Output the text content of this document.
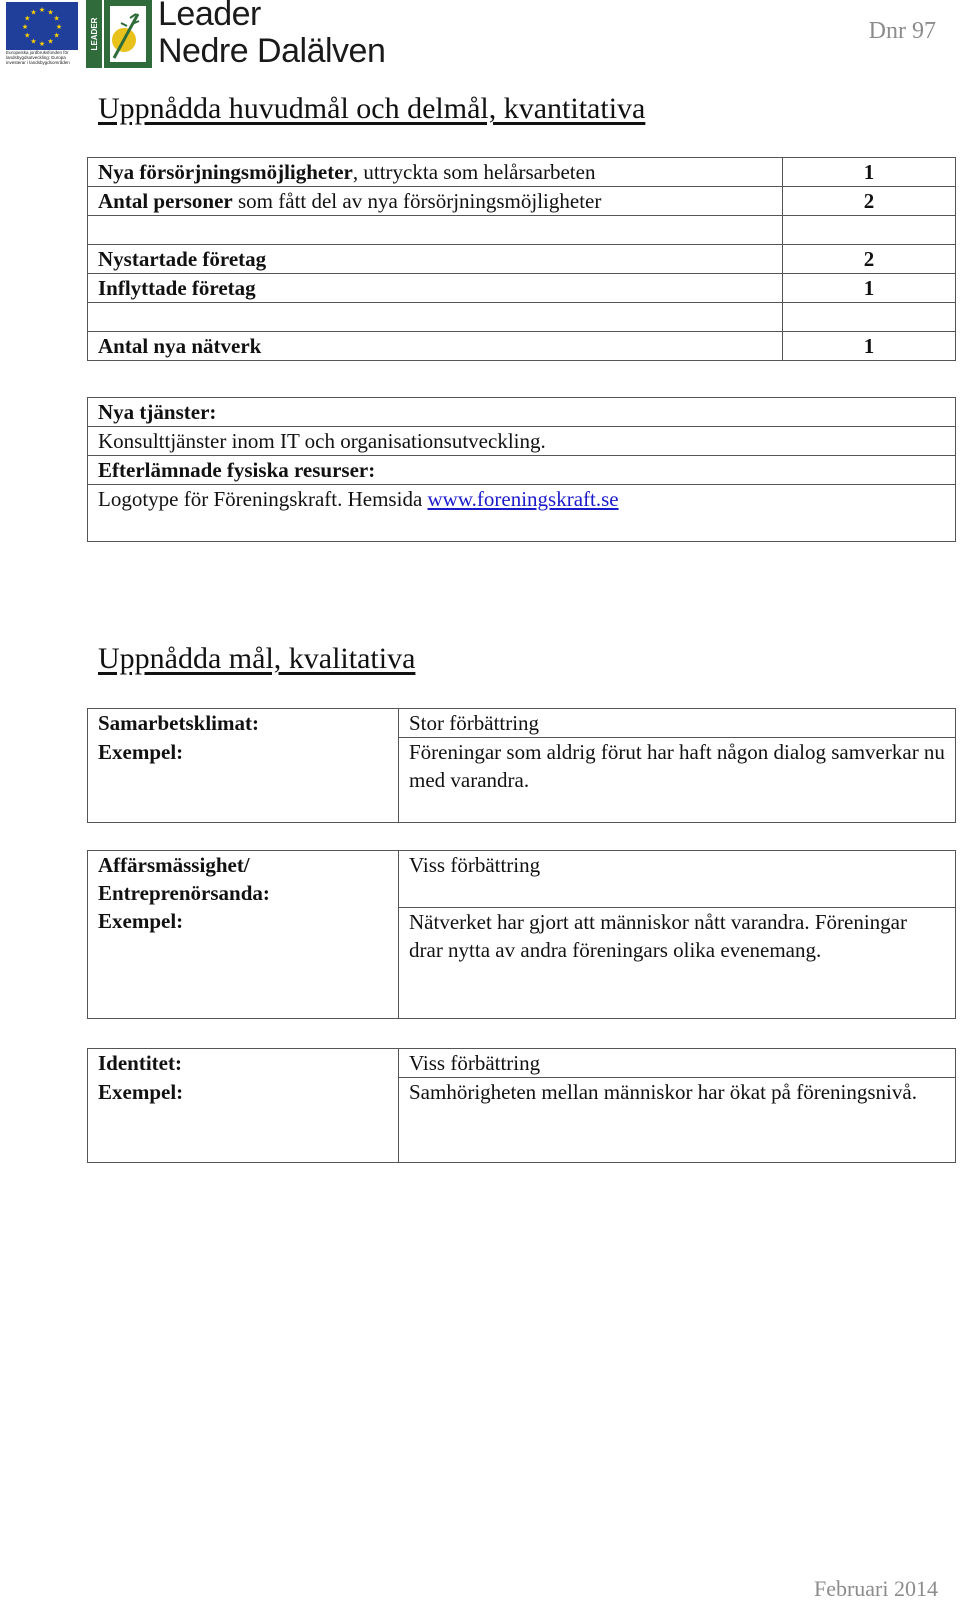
★ ★
★
★
★
★
★
★
★
★
★
★
Europeiska jordbruksfonden för landsbygdsutveckling: Europa investerar i landsbygdsområden
LEADER
Leader
Nedre Dalälven
Dnr 97
Uppnådda huvudmål och delmål, kvantitativa
Nya försörjningsmöjligheter, uttryckta som helårsarbeten	1
Antal personer som fått del av nya försörjningsmöjligheter	2

Nystartade företag	2
Inflyttade företag	1

Antal nya nätverk	1
Nya tjänster:
Konsulttjänster inom IT och organisationsutveckling.
Efterlämnade fysiska resurser:
Logotype för Föreningskraft. Hemsida www.foreningskraft.se
Uppnådda mål, kvalitativa
Samarbetsklimat:	Stor förbättring
Exempel:	Föreningar som aldrig förut har haft någon dialog samverkar nu med varandra.
Affärsmässighet/
Entreprenörsanda:	Viss förbättring
Exempel:	Nätverket har gjort att människor nått varandra. Föreningar drar nytta av andra föreningars olika evenemang.
Identitet:	Viss förbättring
Exempel:	Samhörigheten mellan människor har ökat på föreningsnivå.
Februari 2014
